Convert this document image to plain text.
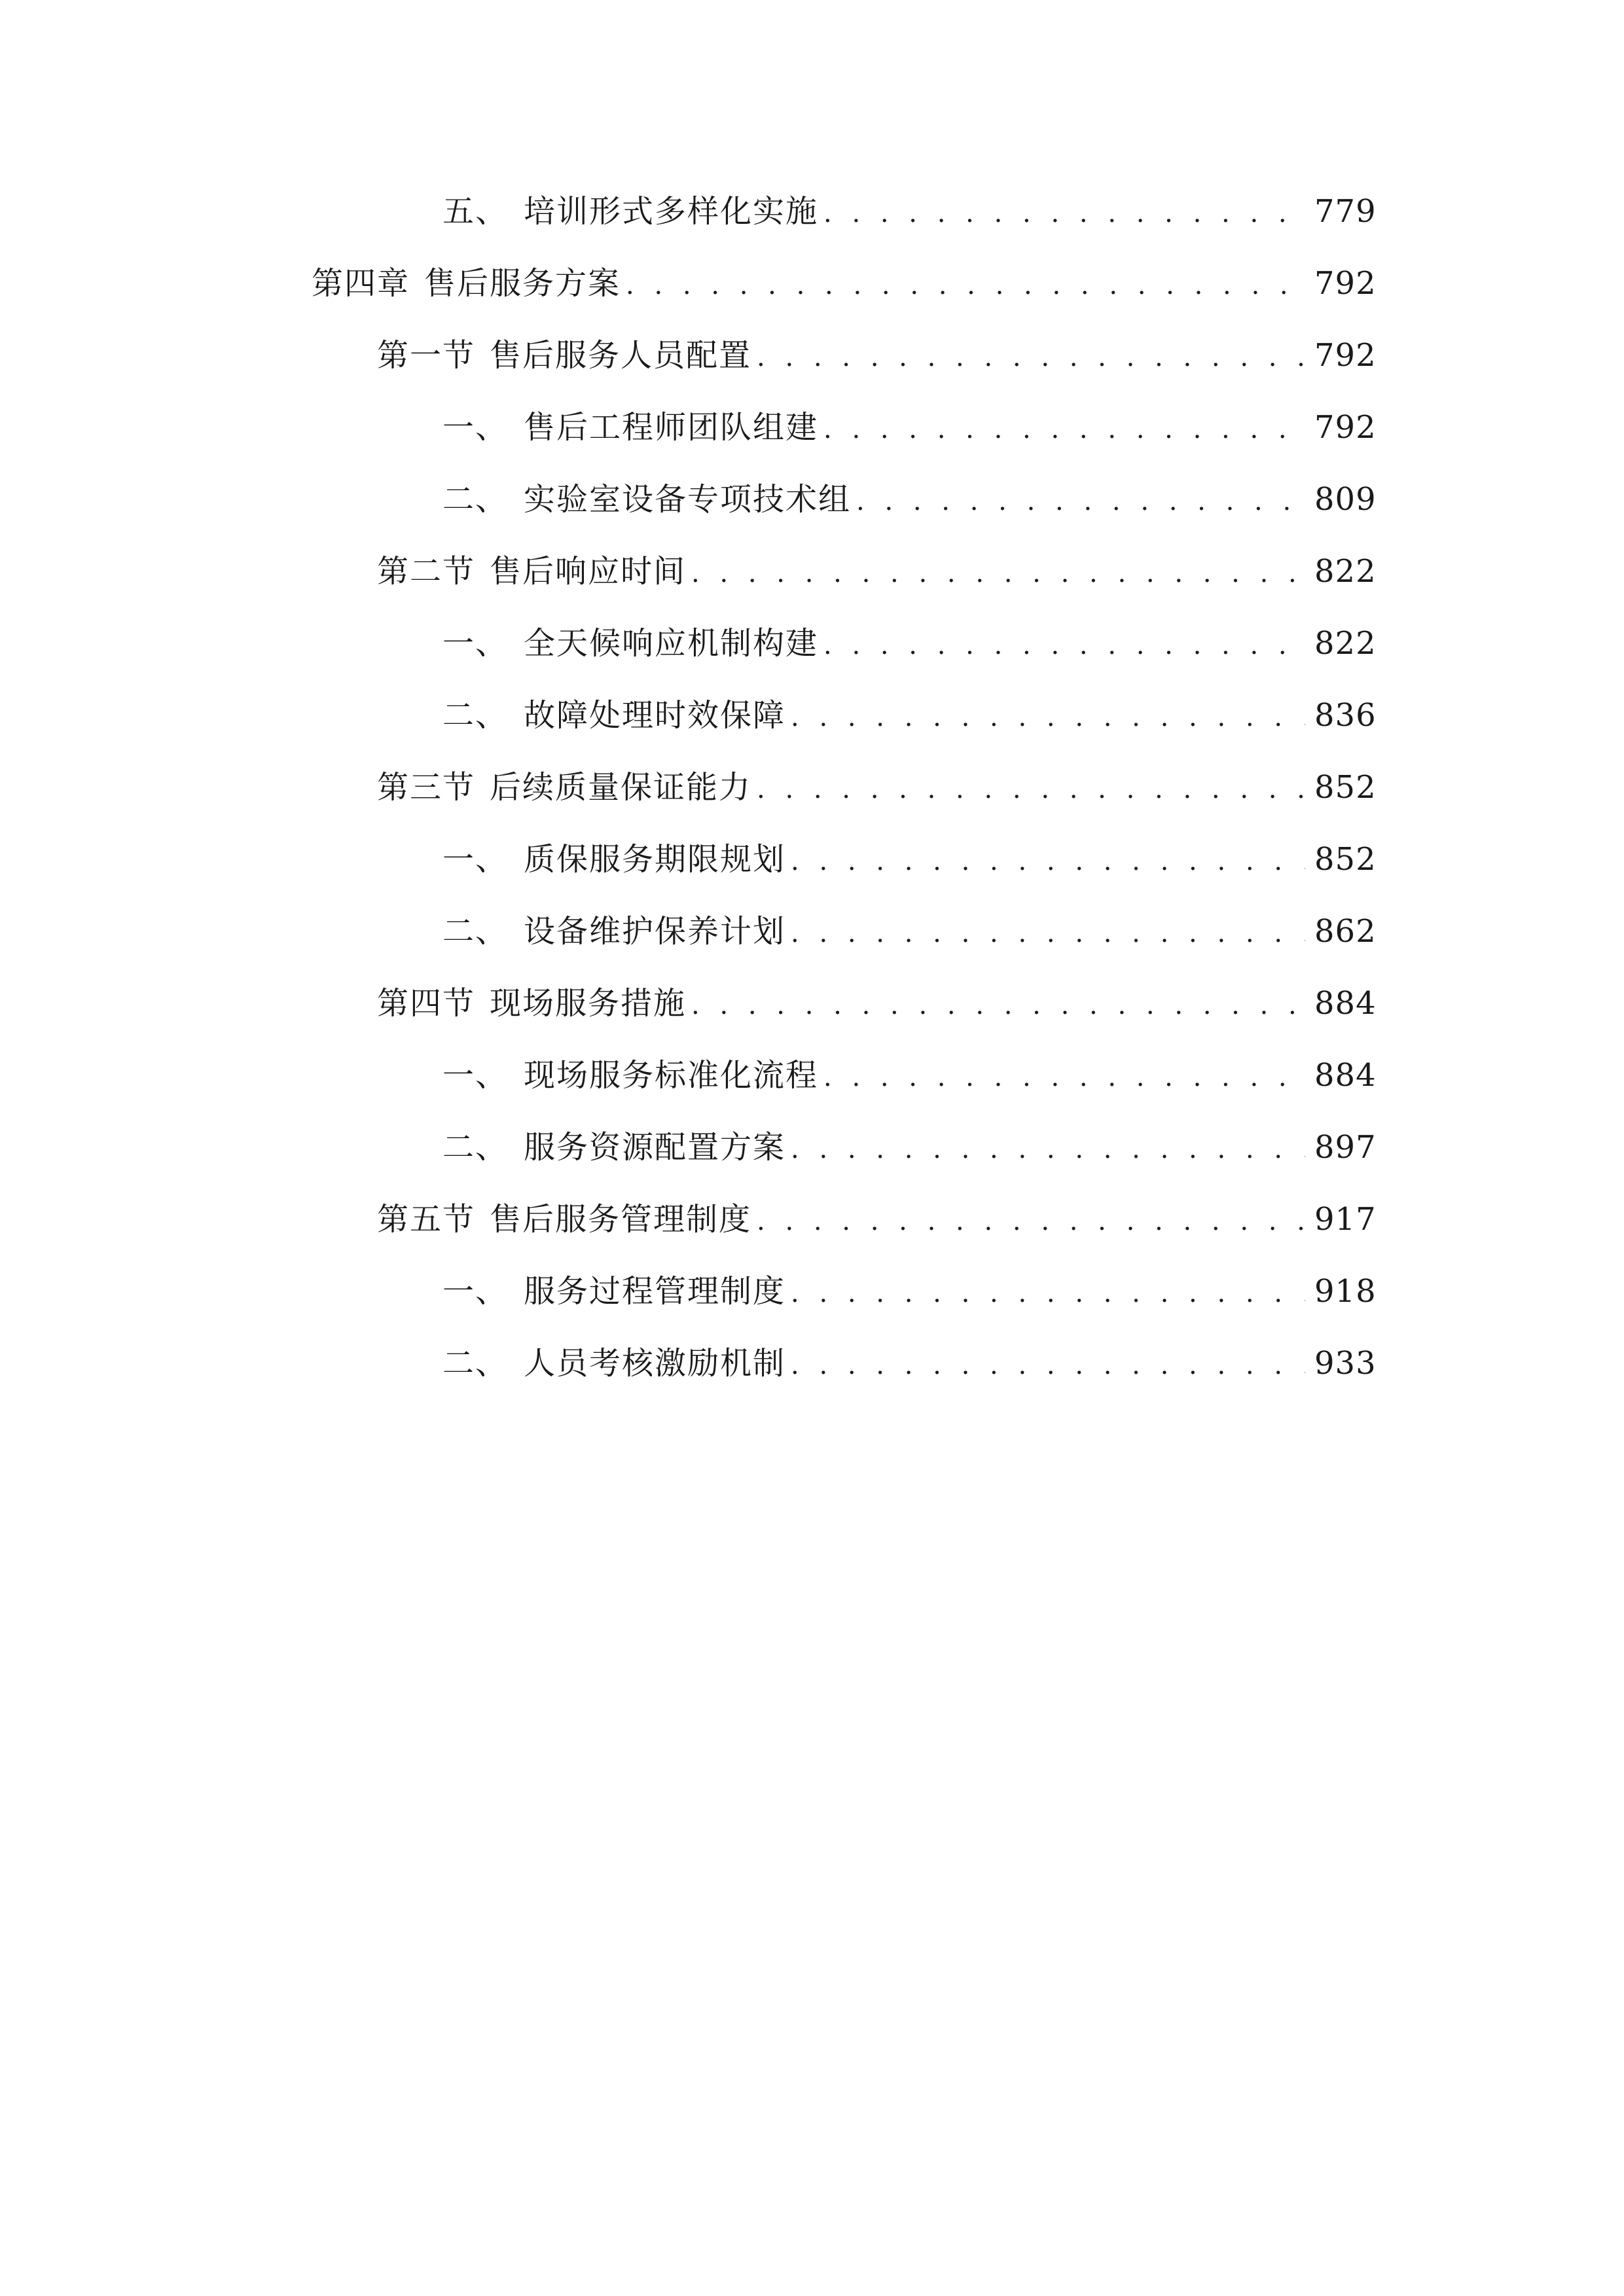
五、 培训形式多样化实施 . . .	779
第四章 售后服务方案 . . .	792
第一节 售后服务人员配置 . . .	792
一、 售后工程师团队组建 . . .	792
二、 实验室设备专项技术组 . . .	809
第二节 售后响应时间 . . .	822
一、 全天候响应机制构建 . . .	822
二、 故障处理时效保障 . . .	836
第三节 后续质量保证能力 . . .	852
一、 质保服务期限规划 . . .	852
二、 设备维护保养计划 . . .	862
第四节 现场服务措施 . . .	884
一、 现场服务标准化流程 . . .	884
二、 服务资源配置方案 . . .	897
第五节 售后服务管理制度 . . .	917
一、 服务过程管理制度 . . .	918
二、 人员考核激励机制 . . .	933
